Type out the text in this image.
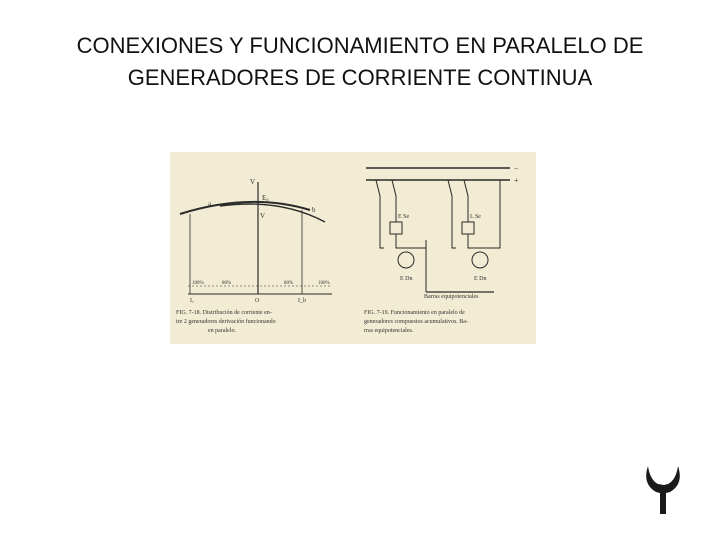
CONEXIONES Y FUNCIONAMIENTO EN PARALELO DE
GENERADORES DE CORRIENTE CONTINUA
V
E₀
V
a
b
100%	80%	80%	100%
Iₐ	O	I_b
FIG. 7-18. Distribución de corriente en-
tre 2 generadores derivación funcionando
en paralelo.
−
+
E Se	L Se
E Dn	E Dn
Barras equipotenciales
FIG. 7-19. Funcionamiento en paralelo de
generadores compuestos acumulativos. Ba-
rras equipotenciales.
